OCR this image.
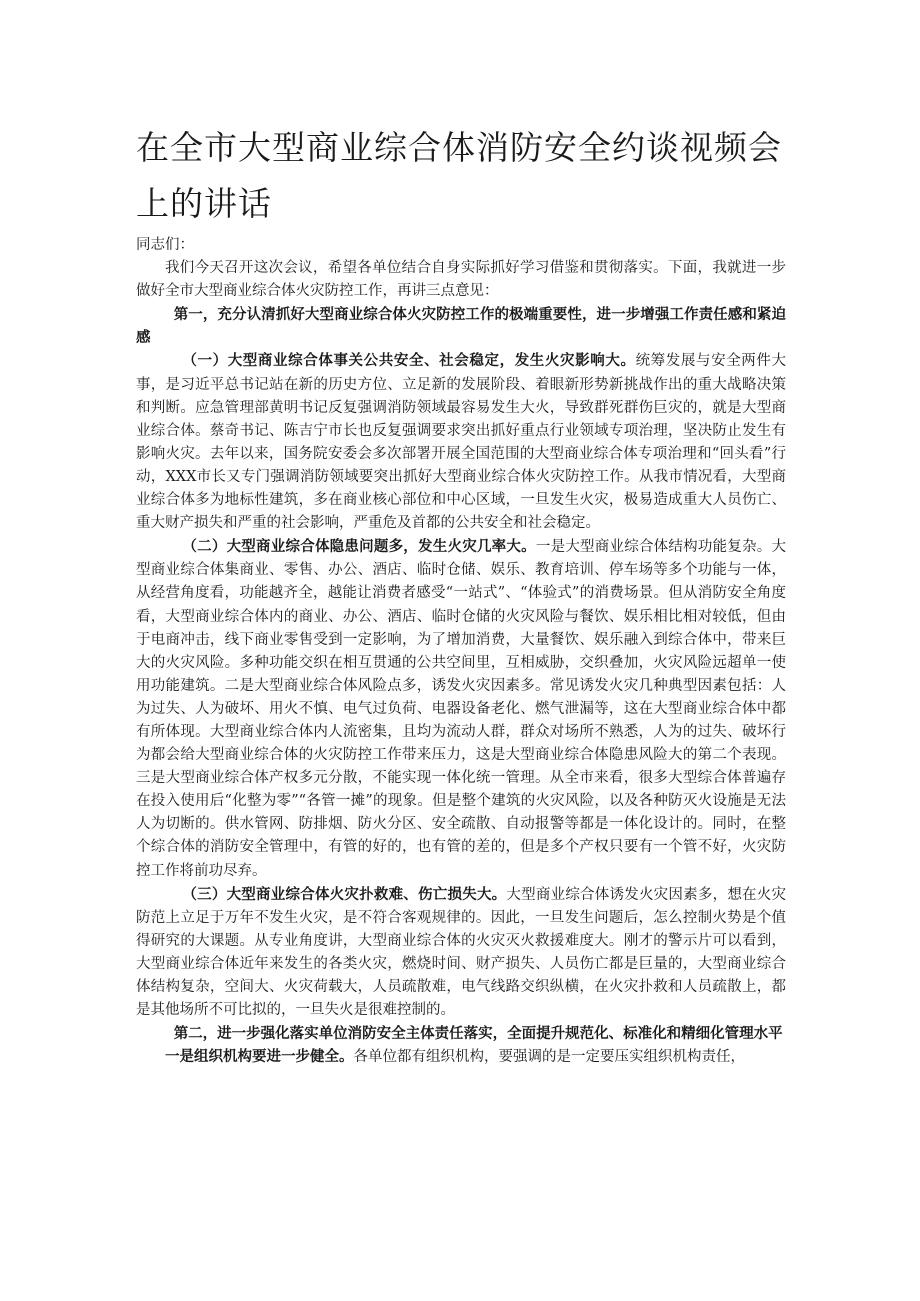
在全市大型商业综合体消防安全约谈视频会上的讲话

同志们：

我们今天召开这次会议，希望各单位结合自身实际抓好学习借鉴和贯彻落实。下面，我就进一步做好全市大型商业综合体火灾防控工作，再讲三点意见：

第一，充分认清抓好大型商业综合体火灾防控工作的极端重要性，进一步增强工作责任感和紧迫感

（一）大型商业综合体事关公共安全、社会稳定，发生火灾影响大。统筹发展与安全两件大事，是习近平总书记站在新的历史方位、立足新的发展阶段、着眼新形势新挑战作出的重大战略决策和判断。应急管理部黄明书记反复强调消防领域最容易发生大火，导致群死群伤巨灾的，就是大型商业综合体。蔡奇书记、陈吉宁市长也反复强调要求突出抓好重点行业领域专项治理，坚决防止发生有影响火灾。去年以来，国务院安委会多次部署开展全国范围的大型商业综合体专项治理和“回头看”行动，XXX市长又专门强调消防领域要突出抓好大型商业综合体火灾防控工作。从我市情况看，大型商业综合体多为地标性建筑，多在商业核心部位和中心区域，一旦发生火灾，极易造成重大人员伤亡、重大财产损失和严重的社会影响，严重危及首都的公共安全和社会稳定。

（二）大型商业综合体隐患问题多，发生火灾几率大。一是大型商业综合体结构功能复杂。大型商业综合体集商业、零售、办公、酒店、临时仓储、娱乐、教育培训、停车场等多个功能与一体，从经营角度看，功能越齐全，越能让消费者感受“一站式”、“体验式”的消费场景。但从消防安全角度看，大型商业综合体内的商业、办公、酒店、临时仓储的火灾风险与餐饮、娱乐相比相对较低，但由于电商冲击，线下商业零售受到一定影响，为了增加消费，大量餐饮、娱乐融入到综合体中，带来巨大的火灾风险。多种功能交织在相互贯通的公共空间里，互相威胁，交织叠加，火灾风险远超单一使用功能建筑。二是大型商业综合体风险点多，诱发火灾因素多。常见诱发火灾几种典型因素包括：人为过失、人为破坏、用火不慎、电气过负荷、电器设备老化、燃气泄漏等，这在大型商业综合体中都有所体现。大型商业综合体内人流密集，且均为流动人群，群众对场所不熟悉，人为的过失、破坏行为都会给大型商业综合体的火灾防控工作带来压力，这是大型商业综合体隐患风险大的第二个表现。三是大型商业综合体产权多元分散，不能实现一体化统一管理。从全市来看，很多大型综合体普遍存在投入使用后“化整为零”“各管一摊”的现象。但是整个建筑的火灾风险，以及各种防灭火设施是无法人为切断的。供水管网、防排烟、防火分区、安全疏散、自动报警等都是一体化设计的。同时，在整个综合体的消防安全管理中，有管的好的，也有管的差的，但是多个产权只要有一个管不好，火灾防控工作将前功尽弃。

（三）大型商业综合体火灾扑救难、伤亡损失大。大型商业综合体诱发火灾因素多，想在火灾防范上立足于万年不发生火灾，是不符合客观规律的。因此，一旦发生问题后，怎么控制火势是个值得研究的大课题。从专业角度讲，大型商业综合体的火灾灭火救援难度大。刚才的警示片可以看到，大型商业综合体近年来发生的各类火灾，燃烧时间、财产损失、人员伤亡都是巨量的，大型商业综合体结构复杂，空间大、火灾荷载大，人员疏散难，电气线路交织纵横，在火灾扑救和人员疏散上，都是其他场所不可比拟的，一旦失火是很难控制的。

第二，进一步强化落实单位消防安全主体责任落实，全面提升规范化、标准化和精细化管理水平

一是组织机构要进一步健全。各单位都有组织机构，要强调的是一定要压实组织机构责任，
